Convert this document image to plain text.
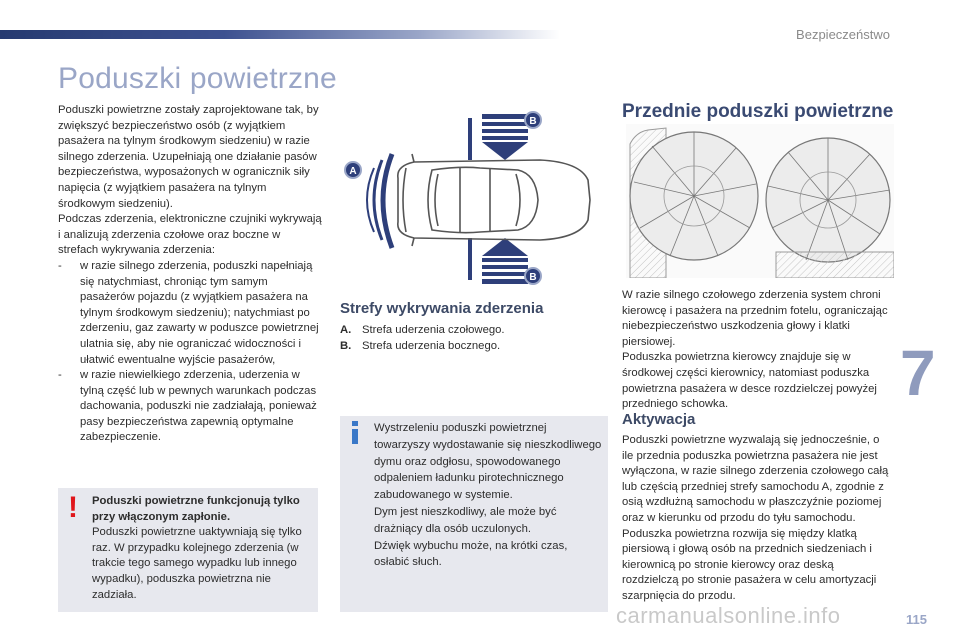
Bezpieczeństwo
Poduszki powietrzne

Poduszki powietrzne zostały zaprojektowane tak, by zwiększyć bezpieczeństwo osób (z wyjątkiem pasażera na tylnym środkowym siedzeniu) w razie silnego zderzenia. Uzupełniają one działanie pasów bezpieczeństwa, wyposażonych w ogranicznik siły napięcia (z wyjątkiem pasażera na tylnym środkowym siedzeniu).

Podczas zderzenia, elektroniczne czujniki wykrywają i analizują zderzenia czołowe oraz boczne w strefach wykrywania zderzenia:

-	w razie silnego zderzenia, poduszki napełniają się natychmiast, chroniąc tym samym pasażerów pojazdu (z wyjątkiem pasażera na tylnym środkowym siedzeniu); natychmiast po zderzeniu, gaz zawarty w poduszce powietrznej ulatnia się, aby nie ograniczać widoczności i ułatwić ewentualne wyjście pasażerów,
-	w razie niewielkiego zderzenia, uderzenia w tylną część lub w pewnych warunkach podczas dachowania, poduszki nie zadziałają, ponieważ pasy bezpieczeństwa zapewnią optymalne zabezpieczenie.
!	Poduszki powietrzne funkcjonują tylko przy włączonym zapłonie.
Poduszki powietrzne uaktywniają się tylko raz. W przypadku kolejnego zderzenia (w trakcie tego samego wypadku lub innego wypadku), poduszka powietrzna nie zadziała.
A
B
B
Strefy wykrywania zderzenia
A. Strefa uderzenia czołowego.
B. Strefa uderzenia bocznego.
Wystrzeleniu poduszki powietrznej towarzyszy wydostawanie się nieszkodliwego dymu oraz odgłosu, spowodowanego odpaleniem ładunku pirotechnicznego zabudowanego w systemie.
Dym jest nieszkodliwy, ale może być drażniący dla osób uczulonych.
Dźwięk wybuchu może, na krótki czas, osłabić słuch.
Przednie poduszki powietrzne
W razie silnego czołowego zderzenia system chroni kierowcę i pasażera na przednim fotelu, ograniczając niebezpieczeństwo uszkodzenia głowy i klatki piersiowej.
Poduszka powietrzna kierowcy znajduje się w środkowej części kierownicy, natomiast poduszka powietrzna pasażera w desce rozdzielczej powyżej przedniego schowka.
Aktywacja
Poduszki powietrzne wyzwalają się jednocześnie, o ile przednia poduszka powietrzna pasażera nie jest wyłączona, w razie silnego zderzenia czołowego całą lub częścią przedniej strefy samochodu A, zgodnie z osią wzdłużną samochodu w płaszczyźnie poziomej oraz w kierunku od przodu do tyłu samochodu. Poduszka powietrzna rozwija się między klatką piersiową i głową osób na przednich siedzeniach i kierownicą po stronie kierowcy oraz deską rozdzielczą po stronie pasażera w celu amortyzacji szarpnięcia do przodu.
7
carmanualsonline.info	115
